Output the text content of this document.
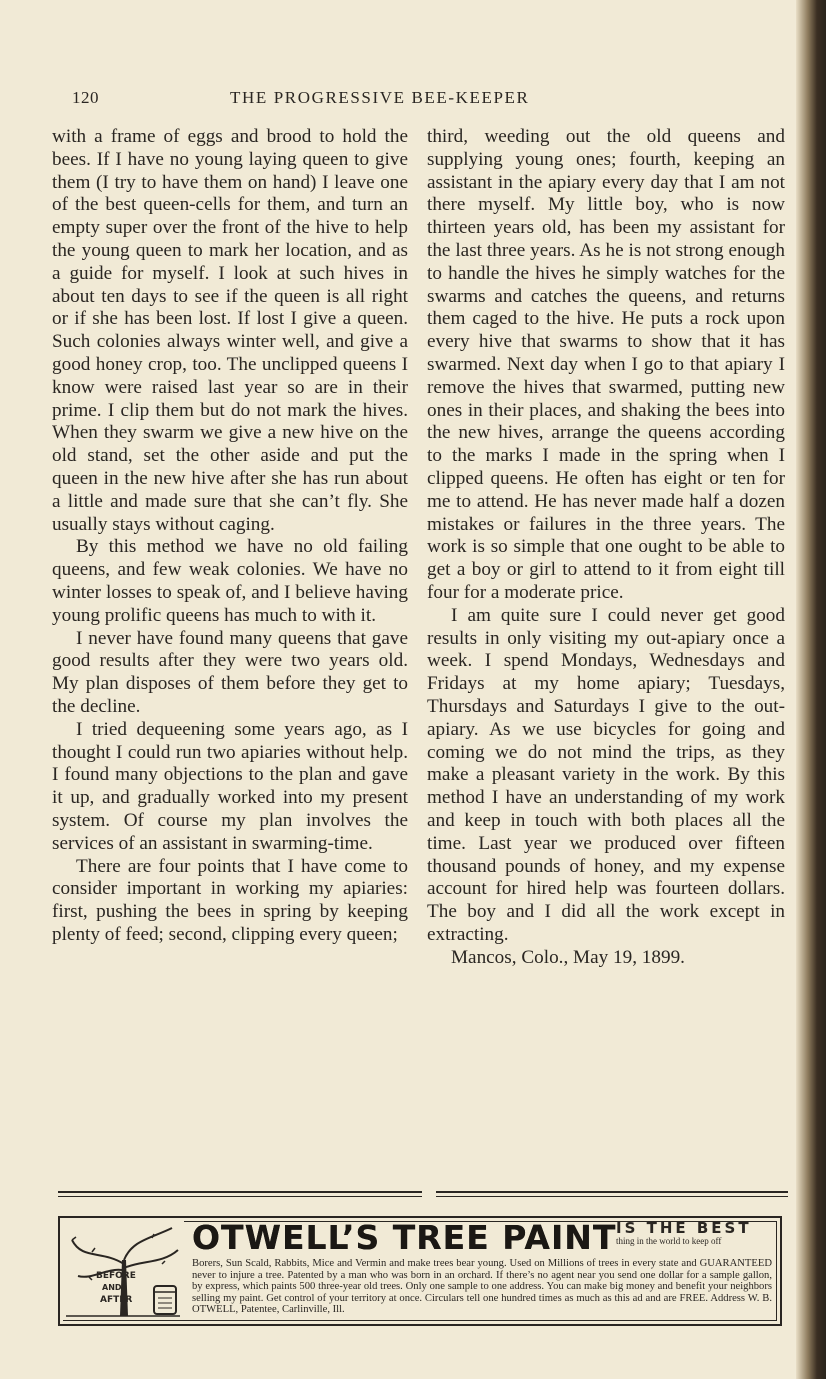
120	THE PROGRESSIVE BEE-KEEPER

with a frame of eggs and brood to hold the bees. If I have no young laying queen to give them (I try to have them on hand) I leave one of the best queen-cells for them, and turn an empty super over the front of the hive to help the young queen to mark her location, and as a guide for myself. I look at such hives in about ten days to see if the queen is all right or if she has been lost. If lost I give a queen. Such colonies always winter well, and give a good honey crop, too. The unclipped queens I know were raised last year so are in their prime. I clip them but do not mark the hives. When they swarm we give a new hive on the old stand, set the other aside and put the queen in the new hive after she has run about a little and made sure that she can’t fly. She usually stays without caging.

By this method we have no old failing queens, and few weak colonies. We have no winter losses to speak of, and I believe having young prolific queens has much to with it.

I never have found many queens that gave good results after they were two years old. My plan disposes of them before they get to the decline.

I tried dequeening some years ago, as I thought I could run two apiaries without help. I found many objections to the plan and gave it up, and gradually worked into my present system. Of course my plan involves the services of an assistant in swarming-time.

There are four points that I have come to consider important in working my apiaries: first, pushing the bees in spring by keeping plenty of feed; second, clipping every queen;

third, weeding out the old queens and supplying young ones; fourth, keeping an assistant in the apiary every day that I am not there myself. My little boy, who is now thirteen years old, has been my assistant for the last three years. As he is not strong enough to handle the hives he simply watches for the swarms and catches the queens, and returns them caged to the hive. He puts a rock upon every hive that swarms to show that it has swarmed. Next day when I go to that apiary I remove the hives that swarmed, putting new ones in their places, and shaking the bees into the new hives, arrange the queens according to the marks I made in the spring when I clipped queens. He often has eight or ten for me to attend. He has never made half a dozen mistakes or failures in the three years. The work is so simple that one ought to be able to get a boy or girl to attend to it from eight till four for a moderate price.

I am quite sure I could never get good results in only visiting my out-apiary once a week. I spend Mondays, Wednesdays and Fridays at my home apiary; Tuesdays, Thursdays and Saturdays I give to the out-apiary. As we use bicycles for going and coming we do not mind the trips, as they make a pleasant variety in the work. By this method I have an understanding of my work and keep in touch with both places all the time. Last year we produced over fifteen thousand pounds of honey, and my expense account for hired help was fourteen dollars. The boy and I did all the work except in extracting.

Mancos, Colo., May 19, 1899.

BEFORE
AND
AFTER
OTWELL’S TREE PAINT IS THE BEST
thing in the world to keep off
Borers, Sun Scald, Rabbits, Mice and Vermin and make trees bear young. Used on Millions of trees in every state and GUARANTEED never to injure a tree. Patented by a man who was born in an orchard. If there’s no agent near you send one dollar for a sample gallon, by express, which paints 500 three-year old trees. Only one sample to one address. You can make big money and benefit your neighbors selling my paint. Get control of your territory at once. Circulars tell one hundred times as much as this ad and are FREE. Address W. B. OTWELL, Patentee, Carlinville, Ill.
